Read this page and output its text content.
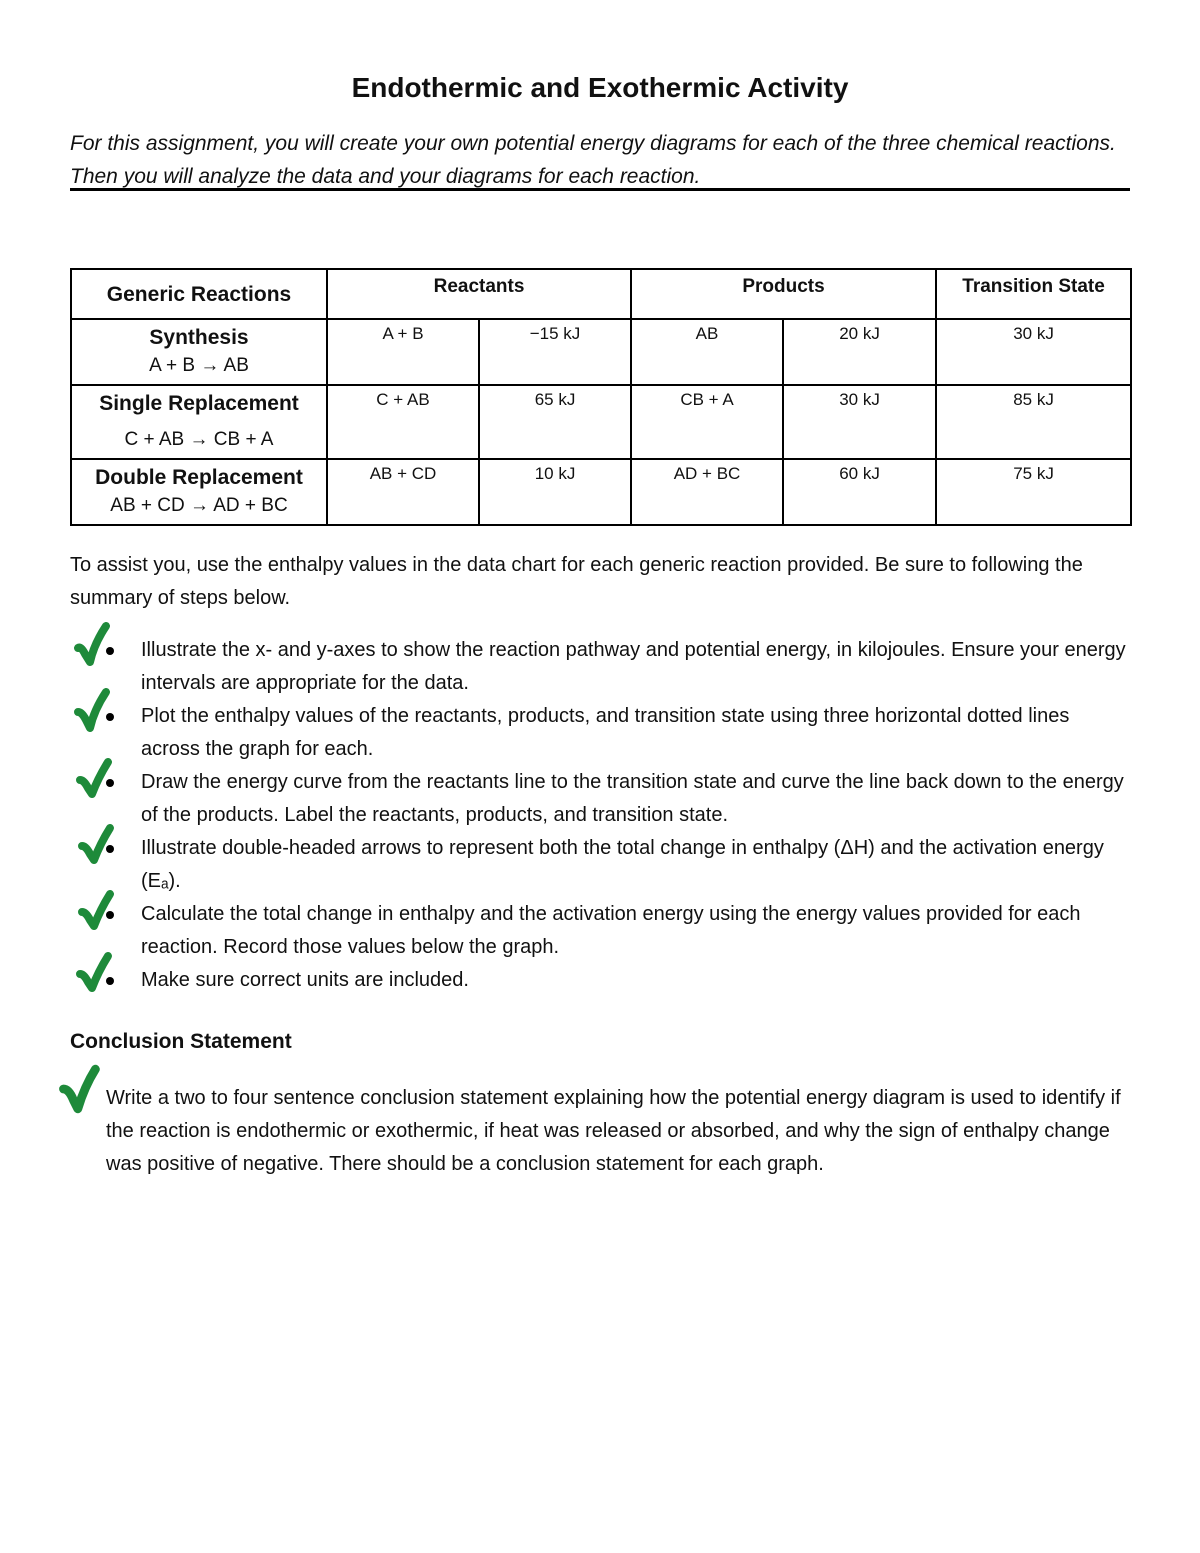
Endothermic and Exothermic Activity
For this assignment, you will create your own potential energy diagrams for each of the three chemical reactions. Then you will analyze the data and your diagrams for each reaction.
Generic Reactions	Reactants		Products		Transition State

Synthesis
A + B → AB	A + B	−15 kJ	AB	20 kJ	30 kJ

Single Replacement
C + AB → CB + A	C + AB	65 kJ	CB + A	30 kJ	85 kJ

Double Replacement
AB + CD → AD + BC	AB + CD	10 kJ	AD + BC	60 kJ	75 kJ
To assist you, use the enthalpy values in the data chart for each generic reaction provided. Be sure to following the summary of steps below.
Illustrate the x- and y-axes to show the reaction pathway and potential energy, in kilojoules. Ensure your energy intervals are appropriate for the data.
Plot the enthalpy values of the reactants, products, and transition state using three horizontal dotted lines across the graph for each.
Draw the energy curve from the reactants line to the transition state and curve the line back down to the energy of the products. Label the reactants, products, and transition state.
Illustrate double-headed arrows to represent both the total change in enthalpy (ΔH) and the activation energy (Eₐ).
Calculate the total change in enthalpy and the activation energy using the energy values provided for each reaction. Record those values below the graph.
Make sure correct units are included.
Conclusion Statement
Write a two to four sentence conclusion statement explaining how the potential energy diagram is used to identify if the reaction is endothermic or exothermic, if heat was released or absorbed, and why the sign of enthalpy change was positive of negative. There should be a conclusion statement for each graph.
